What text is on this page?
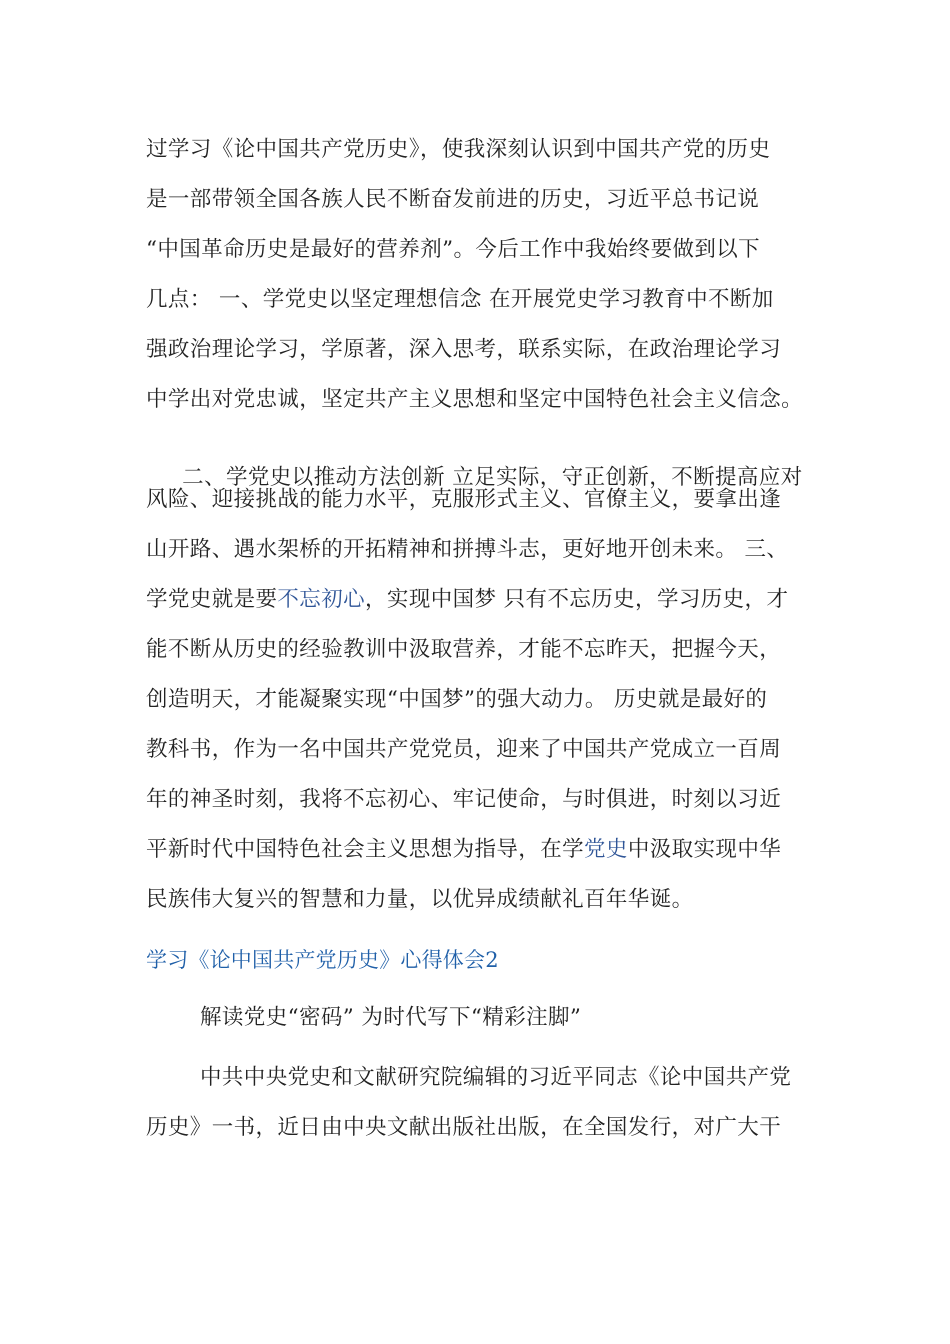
过学习《论中国共产党历史》，使我深刻认识到中国共产党的历史
是一部带领全国各族人民不断奋发前进的历史，习近平总书记说
“中国革命历史是最好的营养剂”。今后工作中我始终要做到以下
几点： 一、学党史以坚定理想信念 在开展党史学习教育中不断加
强政治理论学习，学原著，深入思考，联系实际，在政治理论学习
中学出对党忠诚，坚定共产主义思想和坚定中国特色社会主义信念。

二、学党史以推动方法创新 立足实际，守正创新，不断提高应对

风险、迎接挑战的能力水平，克服形式主义、官僚主义，要拿出逢
山开路、遇水架桥的开拓精神和拼搏斗志，更好地开创未来。 三、
学党史就是要不忘初心，实现中国梦 只有不忘历史，学习历史，才
能不断从历史的经验教训中汲取营养，才能不忘昨天，把握今天，
创造明天，才能凝聚实现“中国梦”的强大动力。 历史就是最好的
教科书，作为一名中国共产党党员，迎来了中国共产党成立一百周
年的神圣时刻，我将不忘初心、牢记使命，与时俱进，时刻以习近
平新时代中国特色社会主义思想为指导，在学党史中汲取实现中华
民族伟大复兴的智慧和力量，以优异成绩献礼百年华诞。
学习《论中国共产党历史》心得体会2
解读党史“密码” 为时代写下“精彩注脚”
中共中央党史和文献研究院编辑的习近平同志《论中国共产党
历史》一书，近日由中央文献出版社出版，在全国发行，对广大干
